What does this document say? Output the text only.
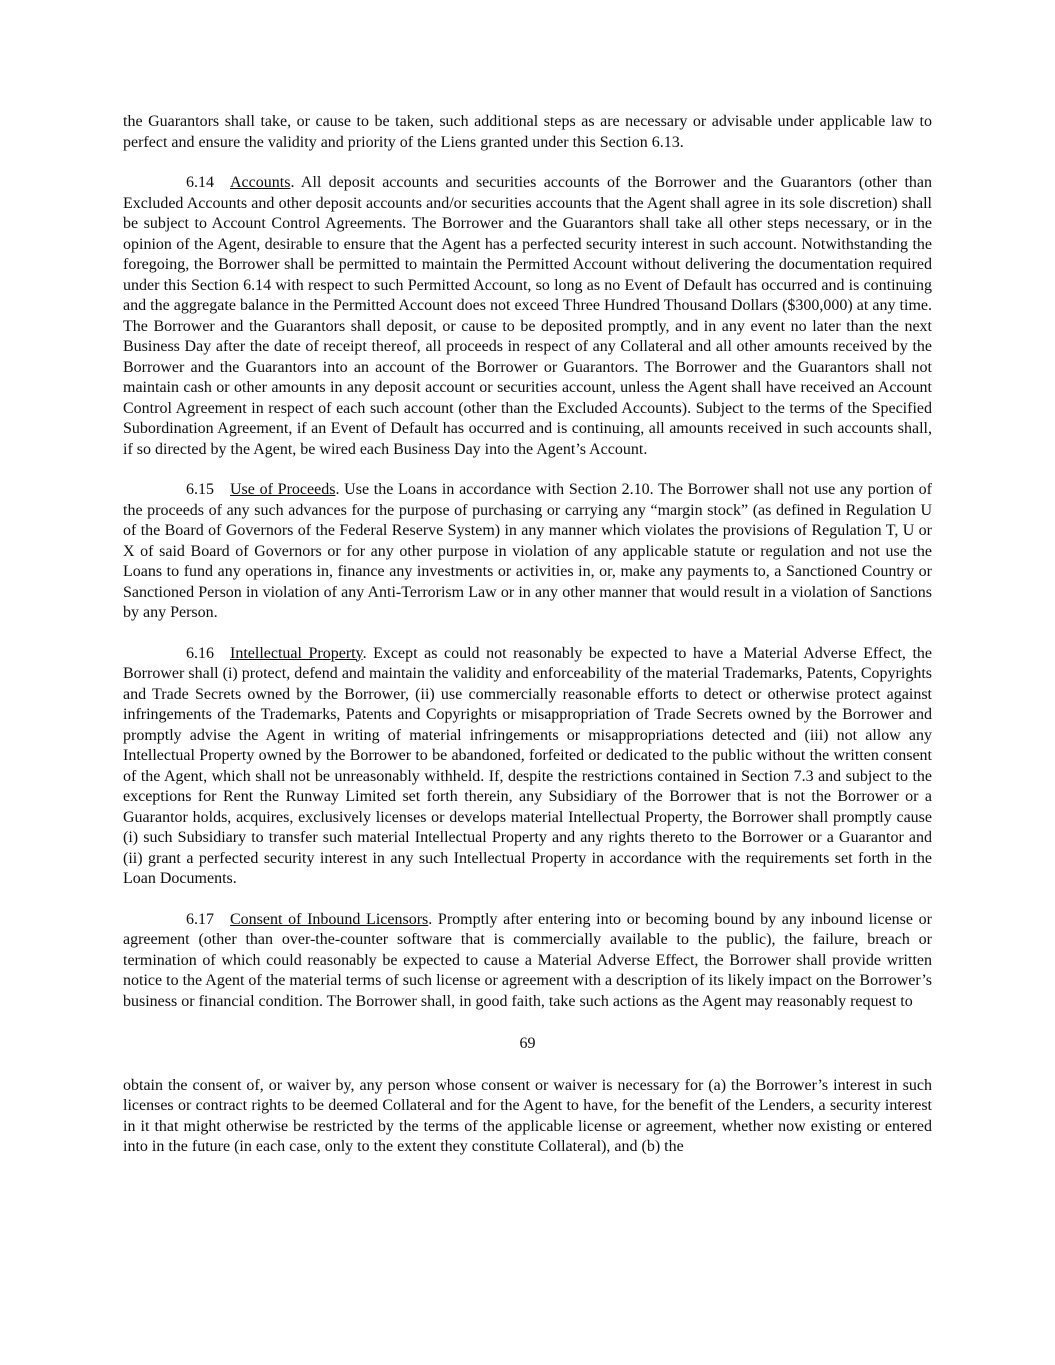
the Guarantors shall take, or cause to be taken, such additional steps as are necessary or advisable under applicable law to perfect and ensure the validity and priority of the Liens granted under this Section 6.13.

6.14 Accounts. All deposit accounts and securities accounts of the Borrower and the Guarantors (other than Excluded Accounts and other deposit accounts and/or securities accounts that the Agent shall agree in its sole discretion) shall be subject to Account Control Agreements. The Borrower and the Guarantors shall take all other steps necessary, or in the opinion of the Agent, desirable to ensure that the Agent has a perfected security interest in such account. Notwithstanding the foregoing, the Borrower shall be permitted to maintain the Permitted Account without delivering the documentation required under this Section 6.14 with respect to such Permitted Account, so long as no Event of Default has occurred and is continuing and the aggregate balance in the Permitted Account does not exceed Three Hundred Thousand Dollars ($300,000) at any time. The Borrower and the Guarantors shall deposit, or cause to be deposited promptly, and in any event no later than the next Business Day after the date of receipt thereof, all proceeds in respect of any Collateral and all other amounts received by the Borrower and the Guarantors into an account of the Borrower or Guarantors. The Borrower and the Guarantors shall not maintain cash or other amounts in any deposit account or securities account, unless the Agent shall have received an Account Control Agreement in respect of each such account (other than the Excluded Accounts). Subject to the terms of the Specified Subordination Agreement, if an Event of Default has occurred and is continuing, all amounts received in such accounts shall, if so directed by the Agent, be wired each Business Day into the Agent’s Account.

6.15 Use of Proceeds. Use the Loans in accordance with Section 2.10. The Borrower shall not use any portion of the proceeds of any such advances for the purpose of purchasing or carrying any “margin stock” (as defined in Regulation U of the Board of Governors of the Federal Reserve System) in any manner which violates the provisions of Regulation T, U or X of said Board of Governors or for any other purpose in violation of any applicable statute or regulation and not use the Loans to fund any operations in, finance any investments or activities in, or, make any payments to, a Sanctioned Country or Sanctioned Person in violation of any Anti-Terrorism Law or in any other manner that would result in a violation of Sanctions by any Person.

6.16 Intellectual Property. Except as could not reasonably be expected to have a Material Adverse Effect, the Borrower shall (i) protect, defend and maintain the validity and enforceability of the material Trademarks, Patents, Copyrights and Trade Secrets owned by the Borrower, (ii) use commercially reasonable efforts to detect or otherwise protect against infringements of the Trademarks, Patents and Copyrights or misappropriation of Trade Secrets owned by the Borrower and promptly advise the Agent in writing of material infringements or misappropriations detected and (iii) not allow any Intellectual Property owned by the Borrower to be abandoned, forfeited or dedicated to the public without the written consent of the Agent, which shall not be unreasonably withheld. If, despite the restrictions contained in Section 7.3 and subject to the exceptions for Rent the Runway Limited set forth therein, any Subsidiary of the Borrower that is not the Borrower or a Guarantor holds, acquires, exclusively licenses or develops material Intellectual Property, the Borrower shall promptly cause (i) such Subsidiary to transfer such material Intellectual Property and any rights thereto to the Borrower or a Guarantor and (ii) grant a perfected security interest in any such Intellectual Property in accordance with the requirements set forth in the Loan Documents.

6.17 Consent of Inbound Licensors. Promptly after entering into or becoming bound by any inbound license or agreement (other than over-the-counter software that is commercially available to the public), the failure, breach or termination of which could reasonably be expected to cause a Material Adverse Effect, the Borrower shall provide written notice to the Agent of the material terms of such license or agreement with a description of its likely impact on the Borrower’s business or financial condition. The Borrower shall, in good faith, take such actions as the Agent may reasonably request to

69

obtain the consent of, or waiver by, any person whose consent or waiver is necessary for (a) the Borrower’s interest in such licenses or contract rights to be deemed Collateral and for the Agent to have, for the benefit of the Lenders, a security interest in it that might otherwise be restricted by the terms of the applicable license or agreement, whether now existing or entered into in the future (in each case, only to the extent they constitute Collateral), and (b) the
